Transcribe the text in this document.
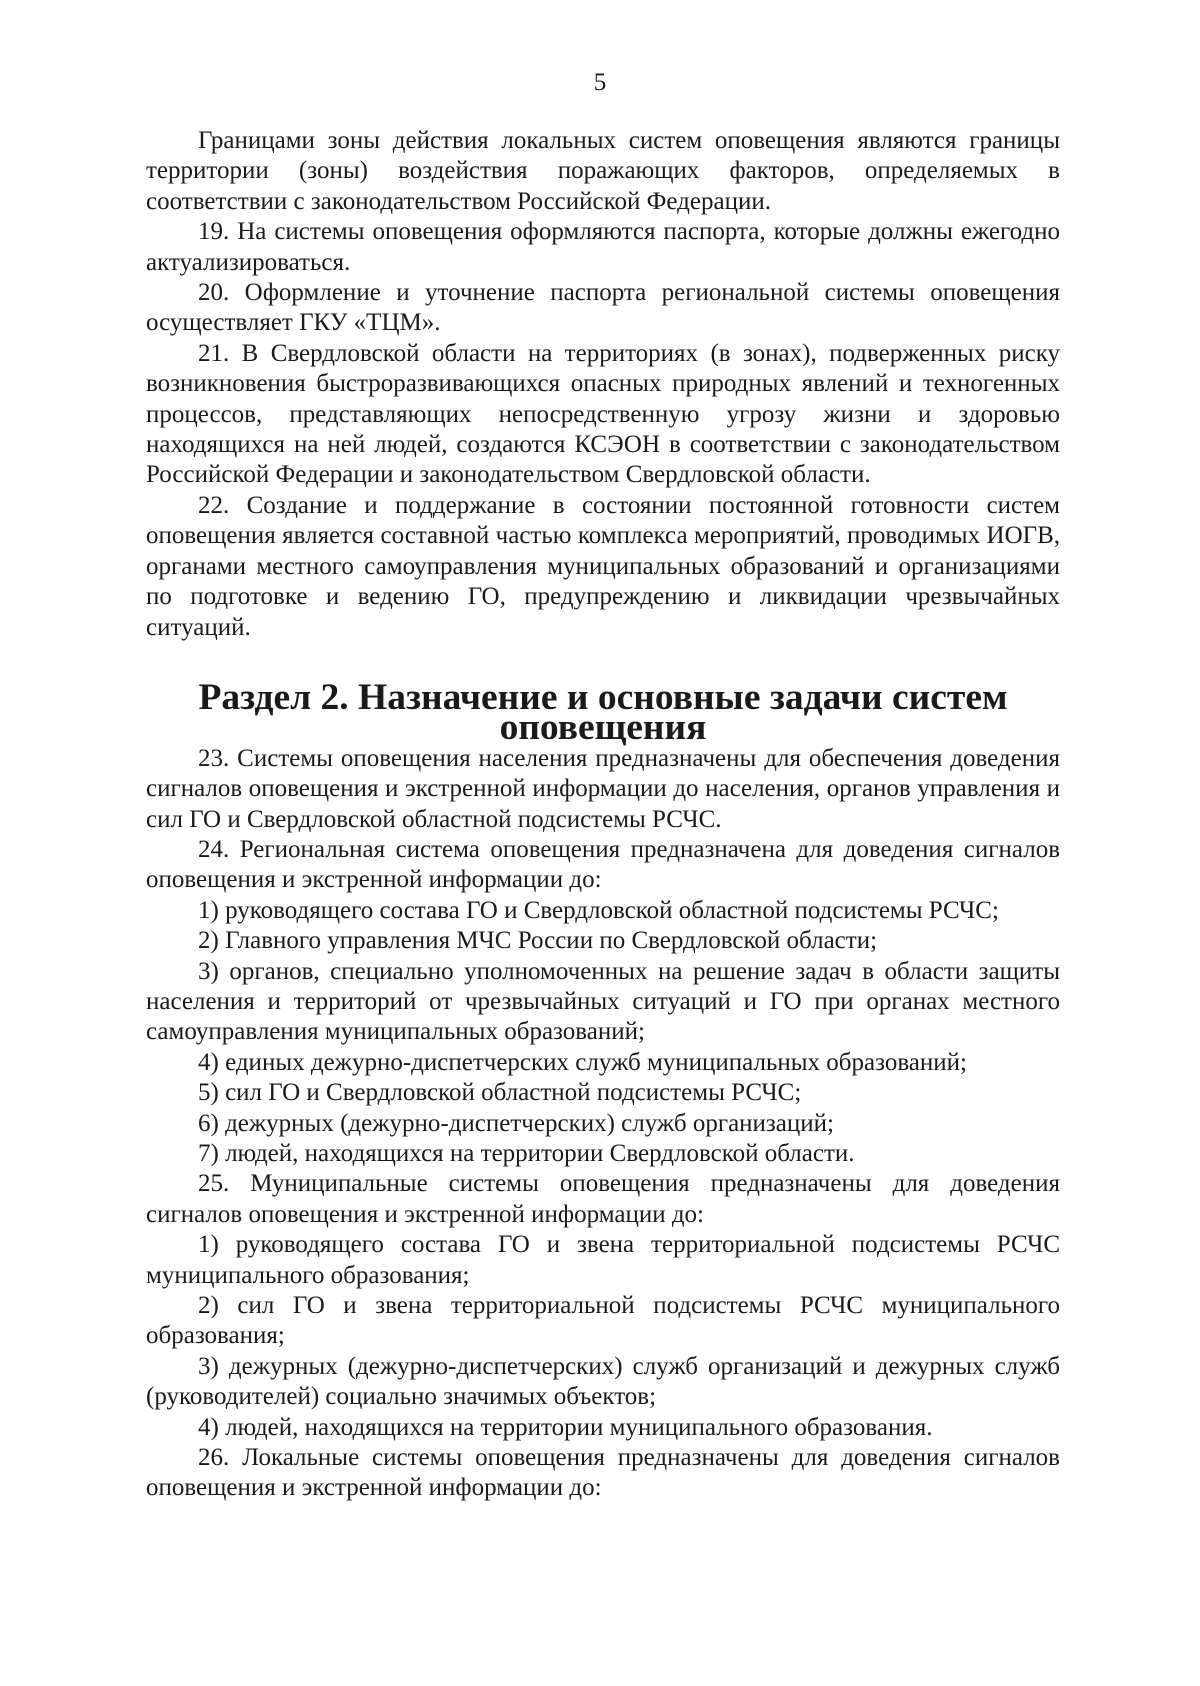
5

Границами зоны действия локальных систем оповещения являются границы территории (зоны) воздействия поражающих факторов, определяемых в соответствии с законодательством Российской Федерации.

19. На системы оповещения оформляются паспорта, которые должны ежегодно актуализироваться.

20. Оформление и уточнение паспорта региональной системы оповещения осуществляет ГКУ «ТЦМ».

21. В Свердловской области на территориях (в зонах), подверженных риску возникновения быстроразвивающихся опасных природных явлений и техногенных процессов, представляющих непосредственную угрозу жизни и здоровью находящихся на ней людей, создаются КСЭОН в соответствии с законодательством Российской Федерации и законодательством Свердловской области.

22. Создание и поддержание в состоянии постоянной готовности систем оповещения является составной частью комплекса мероприятий, проводимых ИОГВ, органами местного самоуправления муниципальных образований и организациями по подготовке и ведению ГО, предупреждению и ликвидации чрезвычайных ситуаций.

Раздел 2. Назначение и основные задачи систем оповещения

23. Системы оповещения населения предназначены для обеспечения доведения сигналов оповещения и экстренной информации до населения, органов управления и сил ГО и Свердловской областной подсистемы РСЧС.

24. Региональная система оповещения предназначена для доведения сигналов оповещения и экстренной информации до:

1) руководящего состава ГО и Свердловской областной подсистемы РСЧС;

2) Главного управления МЧС России по Свердловской области;

3) органов, специально уполномоченных на решение задач в области защиты населения и территорий от чрезвычайных ситуаций и ГО при органах местного самоуправления муниципальных образований;

4) единых дежурно-диспетчерских служб муниципальных образований;

5) сил ГО и Свердловской областной подсистемы РСЧС;

6) дежурных (дежурно-диспетчерских) служб организаций;

7) людей, находящихся на территории Свердловской области.

25. Муниципальные системы оповещения предназначены для доведения сигналов оповещения и экстренной информации до:

1) руководящего состава ГО и звена территориальной подсистемы РСЧС муниципального образования;

2) сил ГО и звена территориальной подсистемы РСЧС муниципального образования;

3) дежурных (дежурно-диспетчерских) служб организаций и дежурных служб (руководителей) социально значимых объектов;

4) людей, находящихся на территории муниципального образования.

26. Локальные системы оповещения предназначены для доведения сигналов оповещения и экстренной информации до:
